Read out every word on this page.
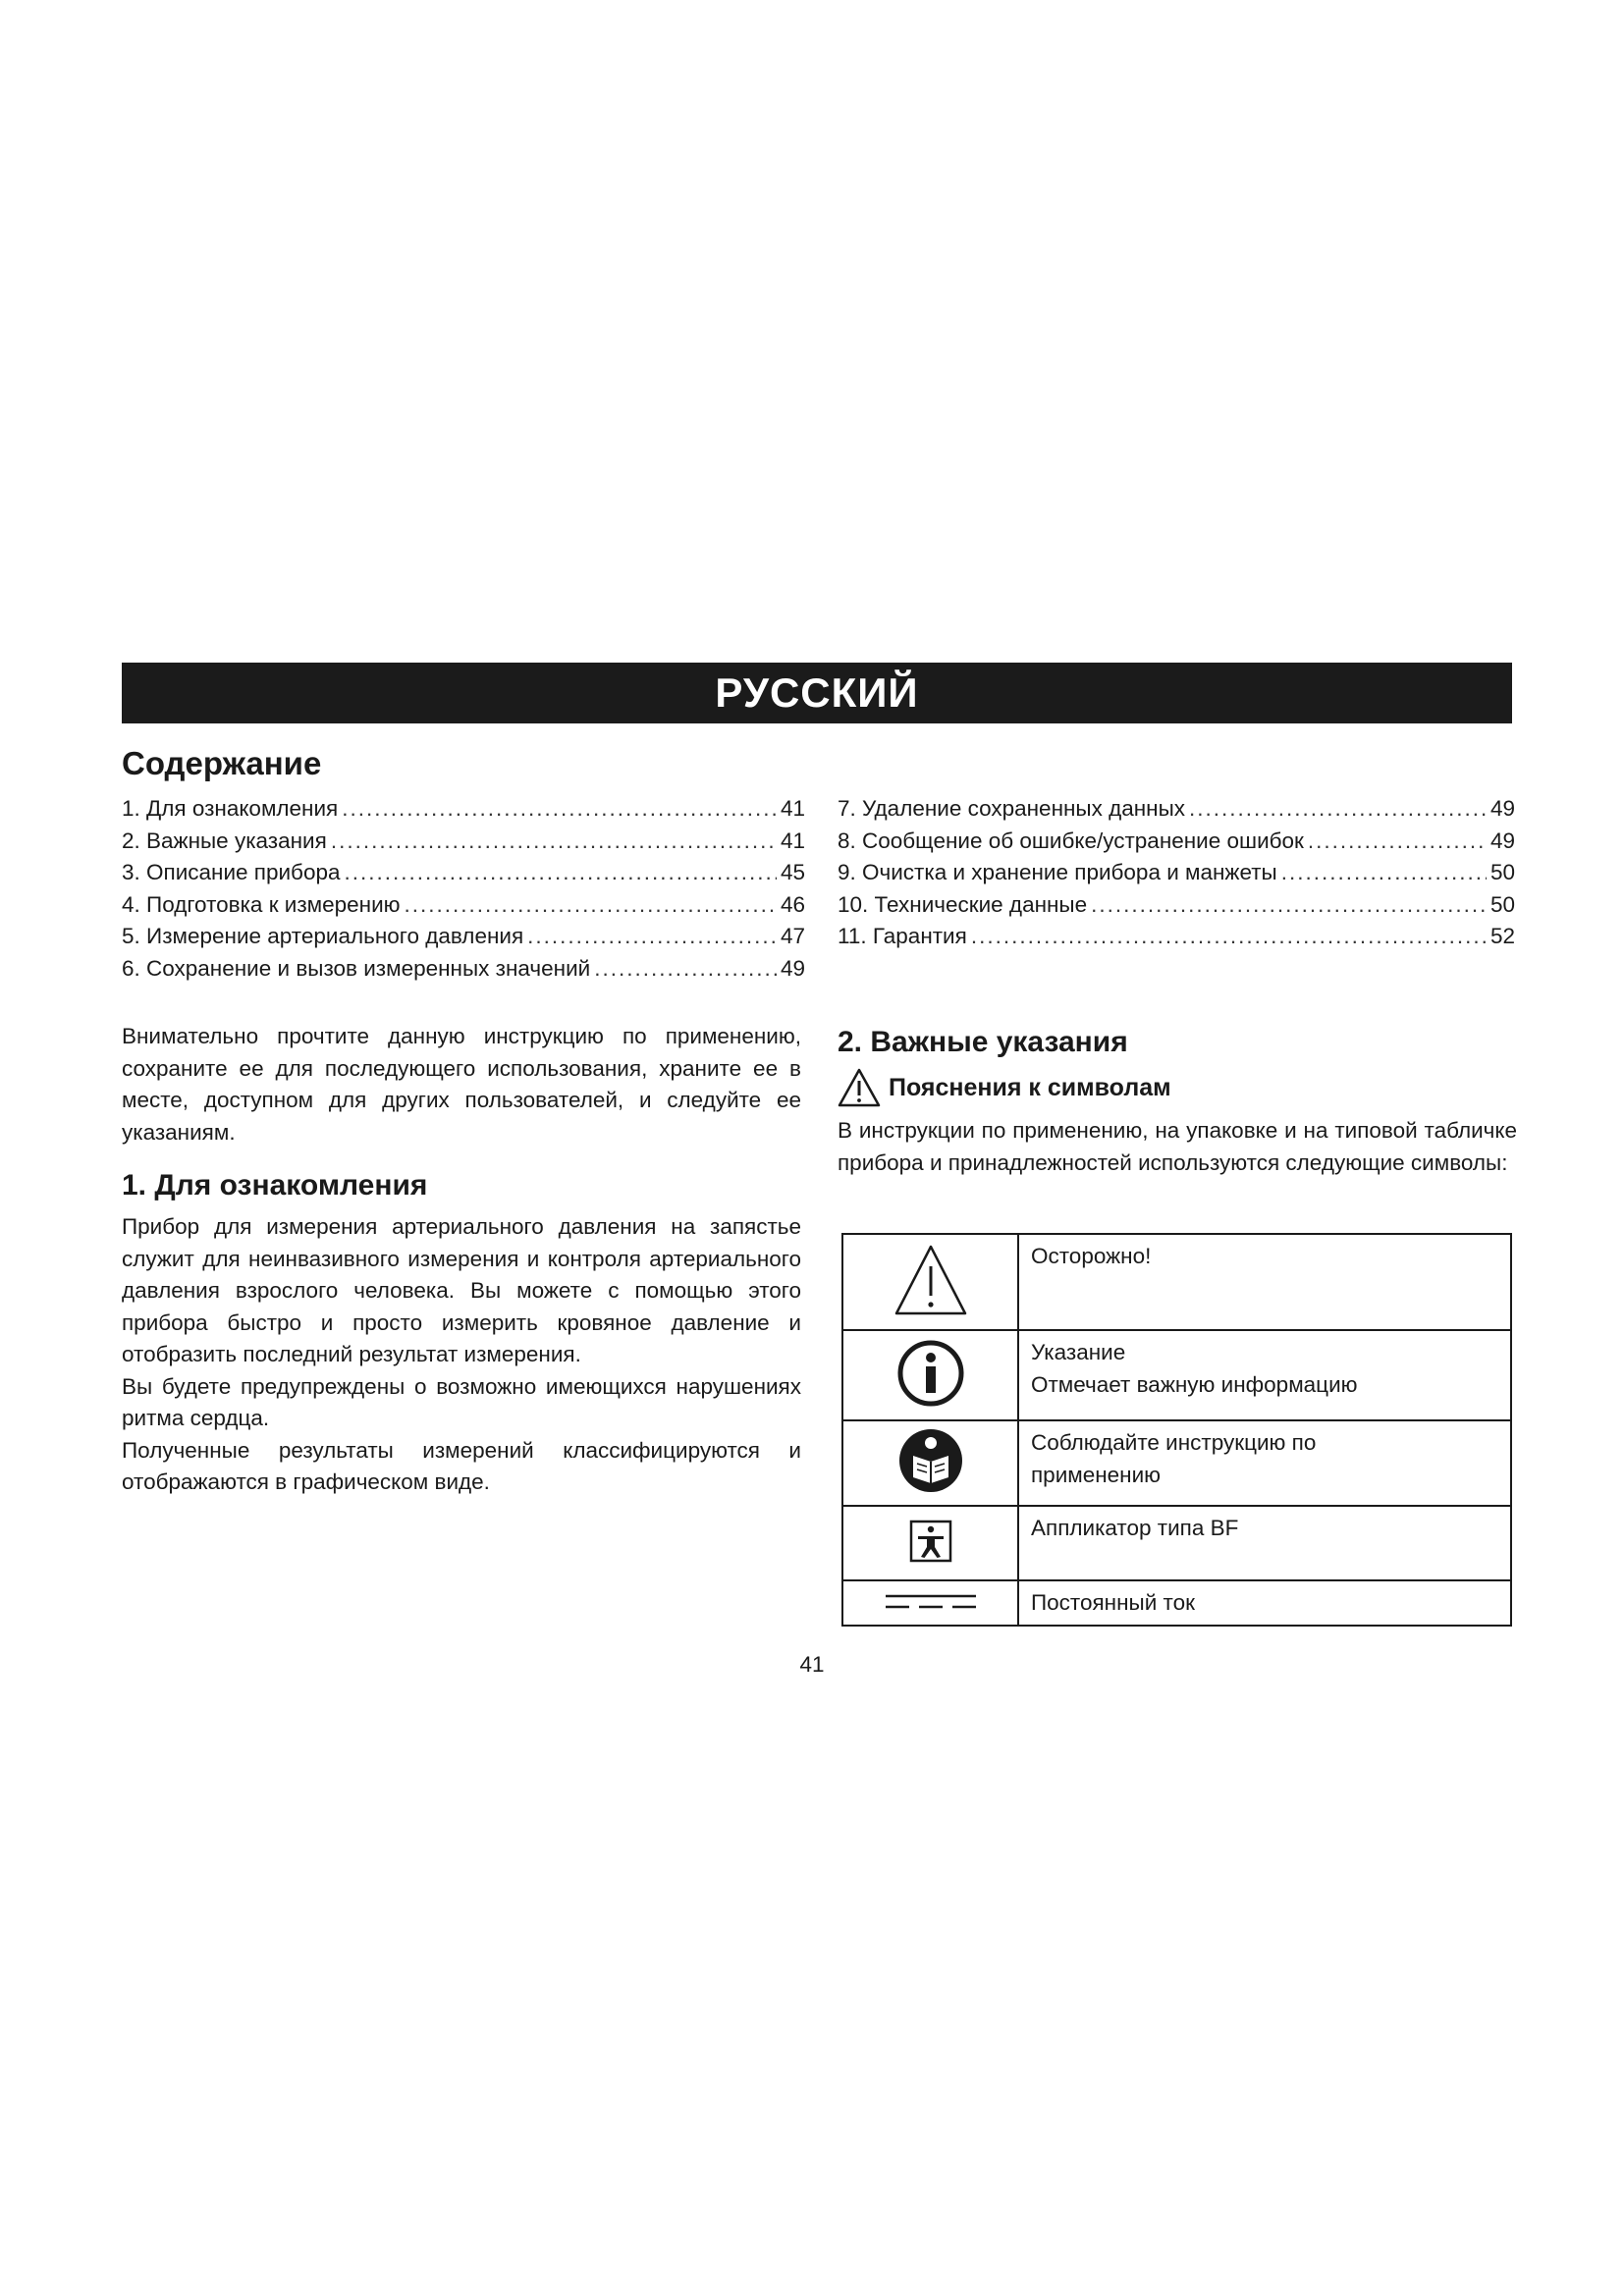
РУССКИЙ
Содержание
1. Для ознакомления .....	41
2. Важные указания .....	41
3. Описание прибора .....	45
4. Подготовка к измерению .....	46
5. Измерение артериального давления .....	47
6. Сохранение и вызов измеренных значений .....	49
7. Удаление сохраненных данных .....	49
8. Сообщение об ошибке/устранение ошибок .....	49
9. Очистка и хранение прибора и манжеты .....	50
10. Технические данные .....	50
11. Гарантия .....	52

Внимательно прочтите данную инструкцию по применению, сохраните ее для последующего использования, храните ее в месте, доступном для других пользователей, и следуйте ее указаниям.

1. Для ознакомления

Прибор для измерения артериального давления на запястье служит для неинвазивного измерения и контроля артериального давления взрослого человека. Вы можете с помощью этого прибора быстро и просто измерить кровяное давление и отобразить последний результат измерения.

Вы будете предупреждены о возможно имеющихся нарушениях ритма сердца.

Полученные результаты измерений классифицируются и отображаются в графическом виде.

2. Важные указания
Пояснения к символам

В инструкции по применению, на упаковке и на типовой табличке прибора и принадлежностей используются следующие символы:

Осторожно!

Указание
Отмечает важную информацию

Соблюдайте инструкцию по
применению

Аппликатор типа BF

Постоянный ток
41
